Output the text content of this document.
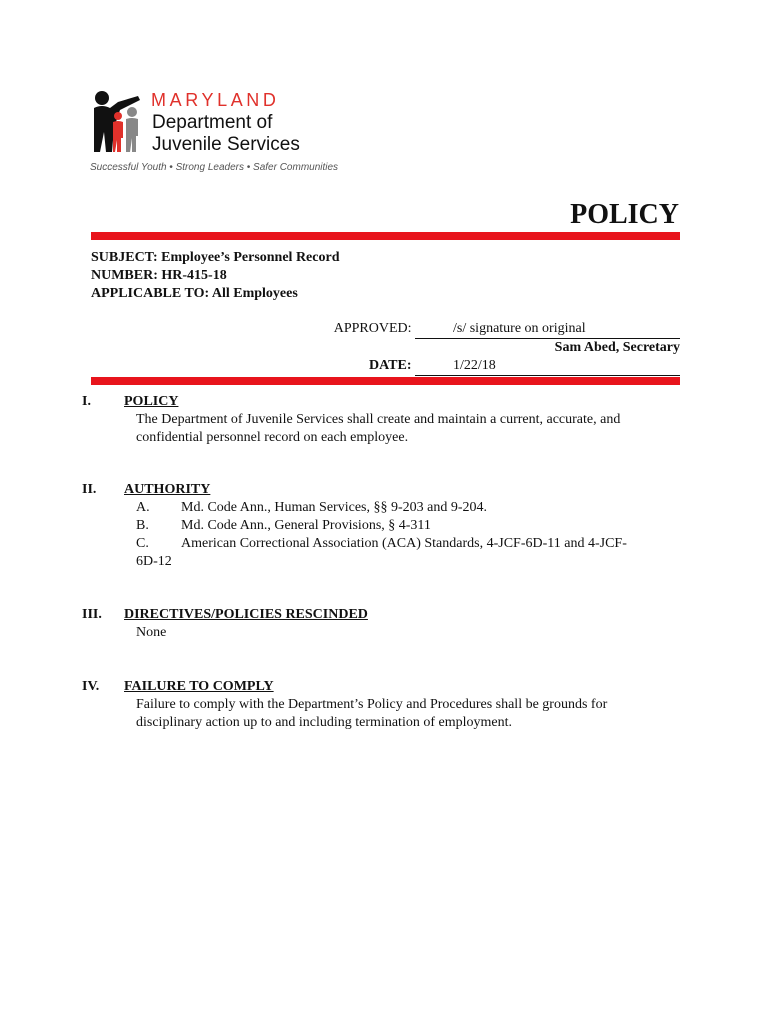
MARYLAND
Department of
Juvenile Services
Successful Youth • Strong Leaders • Safer Communities
POLICY
SUBJECT: Employee’s Personnel Record
NUMBER: HR-415-18
APPLICABLE TO: All Employees
APPROVED:	/s/ signature on original
Sam Abed, Secretary
DATE:	1/22/18
I. POLICY
The Department of Juvenile Services shall create and maintain a current, accurate, and
confidential personnel record on each employee.
II. AUTHORITY
A. Md. Code Ann., Human Services, §§ 9-203 and 9-204.
B. Md. Code Ann., General Provisions, § 4-311
C. American Correctional Association (ACA) Standards, 4-JCF-6D-11 and 4-JCF-
6D-12
III. DIRECTIVES/POLICIES RESCINDED
None
IV. FAILURE TO COMPLY
Failure to comply with the Department’s Policy and Procedures shall be grounds for
disciplinary action up to and including termination of employment.
